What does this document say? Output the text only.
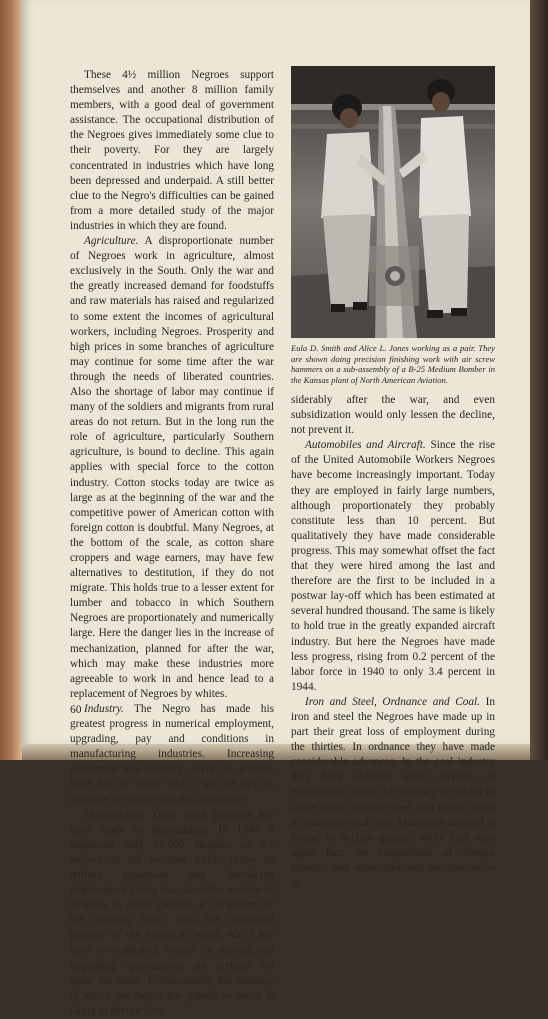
These 4½ million Negroes support themselves and another 8 million family members, with a good deal of government assistance. The occupational distribution of the Negroes gives immediately some clue to their poverty. For they are largely concentrated in industries which have long been depressed and underpaid. A still better clue to the Negro's difficulties can be gained from a more detailed study of the major industries in which they are found.

Agriculture. A disproportionate number of Negroes work in agriculture, almost exclusively in the South. Only the war and the greatly increased demand for foodstuffs and raw materials has raised and regularized to some extent the incomes of agricultural workers, including Negroes. Prosperity and high prices in some branches of agriculture may continue for some time after the war through the needs of liberated countries. Also the shortage of labor may continue if many of the soldiers and migrants from rural areas do not return. But in the long run the role of agriculture, particularly Southern agriculture, is bound to decline. This again applies with special force to the cotton industry. Cotton stocks today are twice as large as at the beginning of the war and the competitive power of American cotton with foreign cotton is doubtful. Many Negroes, at the bottom of the scale, as cotton share croppers and wage earners, may have few alternatives to destitution, if they do not migrate. This holds true to a lesser extent for lumber and tobacco in which Southern Negroes are proportionately and numerically large. Here the danger lies in the increase of mechanization, planned for after the war, which may make these industries more agreeable to work in and hence lead to a replacement of Negroes by whites.

Industry. The Negro has made his greatest progress in numerical employment, upgrading, pay and conditions in manufacturing industries. Increasing movement into industry offers the greatest hope for the future and it will be best to examine the major branches separately.

Shipbuilding. Truly great progress has been made in shipbuilding. In 1940 it employed only 10,000 Negroes or 6.7 percent of the working force. Today its tenfold expansion and liberalized employment policy has raised the number of Negroes to about 150,000 or 10 percent of the working force. Thus the numerical position of the Negro in World War I has been re-established, though the training and upgrading opportunities are perhaps not quite the same. Unfortunately, the industry in which the Negro has gained so much is likely to decline con-

Eula D. Smith and Alice L. Jones working as a pair. They are shown doing precision finishing work with air screw hammers on a sub-assembly of a B-25 Medium Bomber in the Kansas plant of North American Aviation.

siderably after the war, and even subsidization would only lessen the decline, not prevent it.

Automobiles and Aircraft. Since the rise of the United Automobile Workers Negroes have become increasingly important. Today they are employed in fairly large numbers, although proportionately they probably constitute less than 10 percent. But qualitatively they have made considerable progress. This may somewhat offset the fact that they were hired among the last and therefore are the first to be included in a postwar lay-off which has been estimated at several hundred thousand. The same is likely to hold true in the greatly expanded aircraft industry. But here the Negroes have made less progress, rising from 0.2 percent of the labor force in 1940 to only 3.4 percent in 1944.

Iron and Steel, Ordnance and Coal. In iron and steel the Negroes have made up in part their great loss of employment during the thirties. In ordnance they have made considerable advances. In the coal industry they have obtained some increase in employment. After the war they are likely to suffer some losses in steel, and heavy losses in munitions and coal. Munitions demand is bound to decline greatly, while coal may again face the competition of foreign supplies and substitutes, and mechanization is

60
